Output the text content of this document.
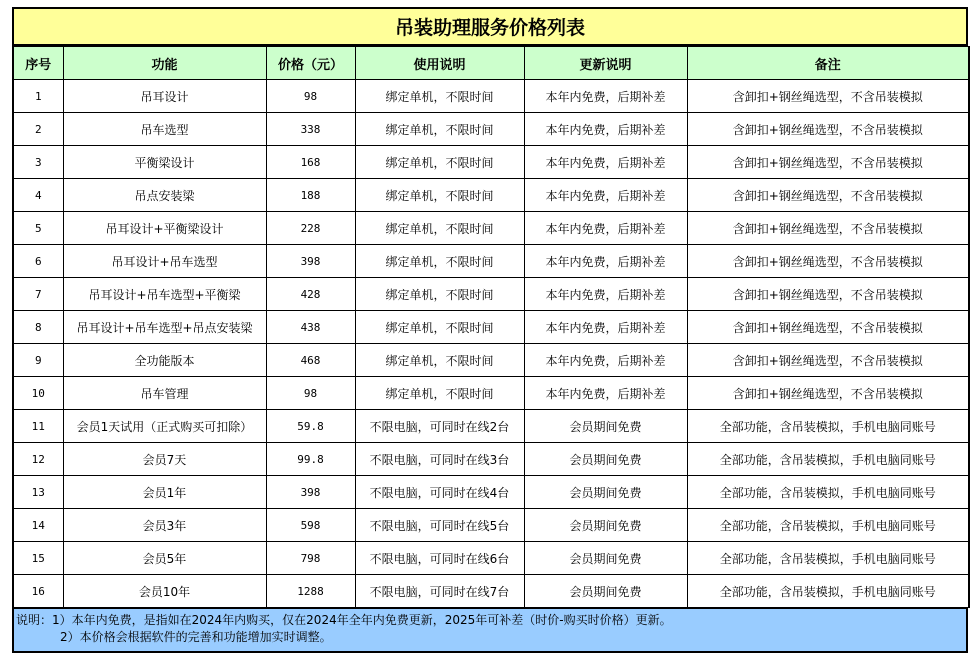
吊装助理服务价格列表
序号	功能	价格（元）	使用说明	更新说明	备注
1	吊耳设计	98	绑定单机，不限时间	本年内免费，后期补差	含卸扣+钢丝绳选型，不含吊装模拟
2	吊车选型	338	绑定单机，不限时间	本年内免费，后期补差	含卸扣+钢丝绳选型，不含吊装模拟
3	平衡梁设计	168	绑定单机，不限时间	本年内免费，后期补差	含卸扣+钢丝绳选型，不含吊装模拟
4	吊点安装梁	188	绑定单机，不限时间	本年内免费，后期补差	含卸扣+钢丝绳选型，不含吊装模拟
5	吊耳设计+平衡梁设计	228	绑定单机，不限时间	本年内免费，后期补差	含卸扣+钢丝绳选型，不含吊装模拟
6	吊耳设计+吊车选型	398	绑定单机，不限时间	本年内免费，后期补差	含卸扣+钢丝绳选型，不含吊装模拟
7	吊耳设计+吊车选型+平衡梁	428	绑定单机，不限时间	本年内免费，后期补差	含卸扣+钢丝绳选型，不含吊装模拟
8	吊耳设计+吊车选型+吊点安装梁	438	绑定单机，不限时间	本年内免费，后期补差	含卸扣+钢丝绳选型，不含吊装模拟
9	全功能版本	468	绑定单机，不限时间	本年内免费，后期补差	含卸扣+钢丝绳选型，不含吊装模拟
10	吊车管理	98	绑定单机，不限时间	本年内免费，后期补差	含卸扣+钢丝绳选型，不含吊装模拟
11	会员1天试用（正式购买可扣除）	59.8	不限电脑，可同时在线2台	会员期间免费	全部功能，含吊装模拟，手机电脑同账号
12	会员7天	99.8	不限电脑，可同时在线3台	会员期间免费	全部功能，含吊装模拟，手机电脑同账号
13	会员1年	398	不限电脑，可同时在线4台	会员期间免费	全部功能，含吊装模拟，手机电脑同账号
14	会员3年	598	不限电脑，可同时在线5台	会员期间免费	全部功能，含吊装模拟，手机电脑同账号
15	会员5年	798	不限电脑，可同时在线6台	会员期间免费	全部功能，含吊装模拟，手机电脑同账号
16	会员10年	1288	不限电脑，可同时在线7台	会员期间免费	全部功能，含吊装模拟，手机电脑同账号
说明：1）本年内免费，是指如在2024年内购买，仅在2024年全年内免费更新，2025年可补差（时价-购买时价格）更新。
2）本价格会根据软件的完善和功能增加实时调整。
